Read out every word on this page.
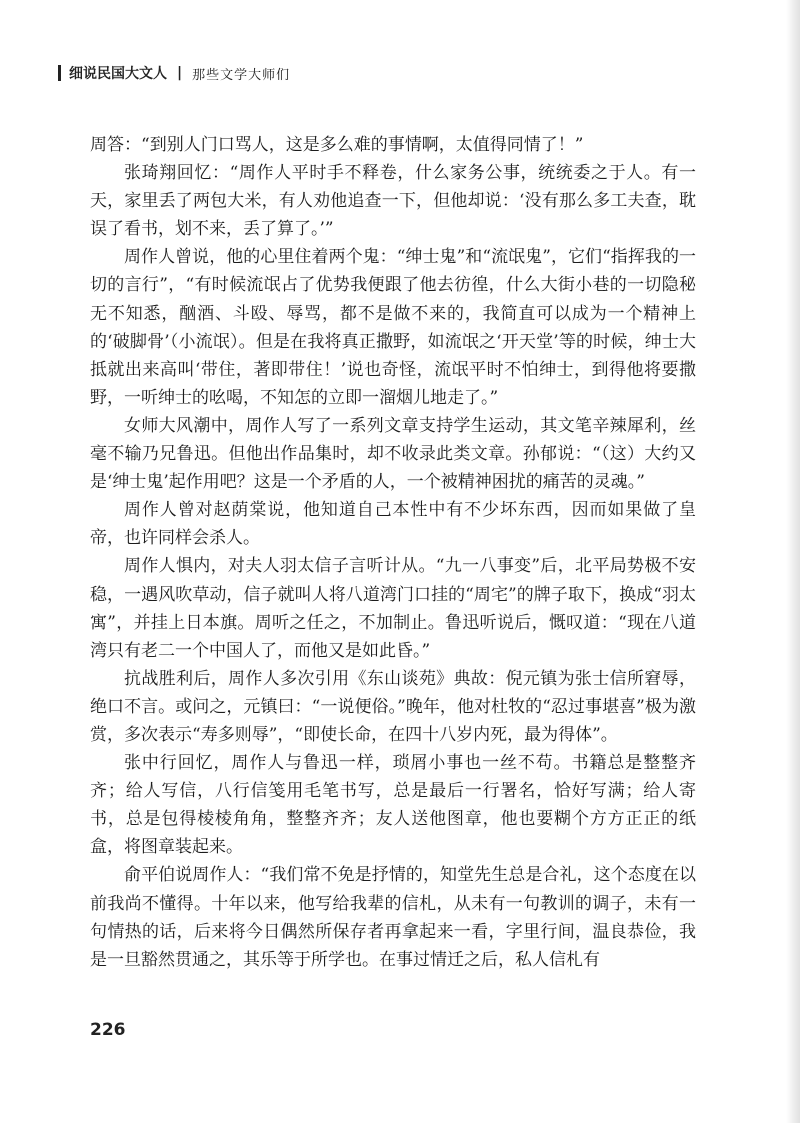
细说民国大文人 | 那些文学大师们

周答：“到别人门口骂人，这是多么难的事情啊，太值得同情了！”

张琦翔回忆：“周作人平时手不释卷，什么家务公事，统统委之于人。有一天，家里丢了两包大米，有人劝他追查一下，但他却说：‘没有那么多工夫查，耽误了看书，划不来，丢了算了。’”

周作人曾说，他的心里住着两个鬼：“绅士鬼”和“流氓鬼”，它们“指挥我的一切的言行”，“有时候流氓占了优势我便跟了他去彷徨，什么大街小巷的一切隐秘无不知悉，酗酒、斗殴、辱骂，都不是做不来的，我简直可以成为一个精神上的‘破脚骨’（小流氓）。但是在我将真正撒野，如流氓之‘开天堂’等的时候，绅士大抵就出来高叫‘带住，著即带住！’说也奇怪，流氓平时不怕绅士，到得他将要撒野，一听绅士的吆喝，不知怎的立即一溜烟儿地走了。”

女师大风潮中，周作人写了一系列文章支持学生运动，其文笔辛辣犀利，丝毫不输乃兄鲁迅。但他出作品集时，却不收录此类文章。孙郁说：“（这）大约又是‘绅士鬼’起作用吧？这是一个矛盾的人，一个被精神困扰的痛苦的灵魂。”

周作人曾对赵荫棠说，他知道自己本性中有不少坏东西，因而如果做了皇帝，也许同样会杀人。

周作人惧内，对夫人羽太信子言听计从。“九一八事变”后，北平局势极不安稳，一遇风吹草动，信子就叫人将八道湾门口挂的“周宅”的牌子取下，换成“羽太寓”，并挂上日本旗。周听之任之，不加制止。鲁迅听说后，慨叹道：“现在八道湾只有老二一个中国人了，而他又是如此昏。”

抗战胜利后，周作人多次引用《东山谈苑》典故：倪元镇为张士信所窘辱，绝口不言。或问之，元镇曰：“一说便俗。”晚年，他对杜牧的“忍过事堪喜”极为激赏，多次表示“寿多则辱”，“即使长命，在四十八岁内死，最为得体”。

张中行回忆，周作人与鲁迅一样，琐屑小事也一丝不苟。书籍总是整整齐齐；给人写信，八行信笺用毛笔书写，总是最后一行署名，恰好写满；给人寄书，总是包得棱棱角角，整整齐齐；友人送他图章，他也要糊个方方正正的纸盒，将图章装起来。

俞平伯说周作人：“我们常不免是抒情的，知堂先生总是合礼，这个态度在以前我尚不懂得。十年以来，他写给我辈的信札，从未有一句教训的调子，未有一句情热的话，后来将今日偶然所保存者再拿起来一看，字里行间，温良恭俭，我是一旦豁然贯通之，其乐等于所学也。在事过情迁之后，私人信札有

226
